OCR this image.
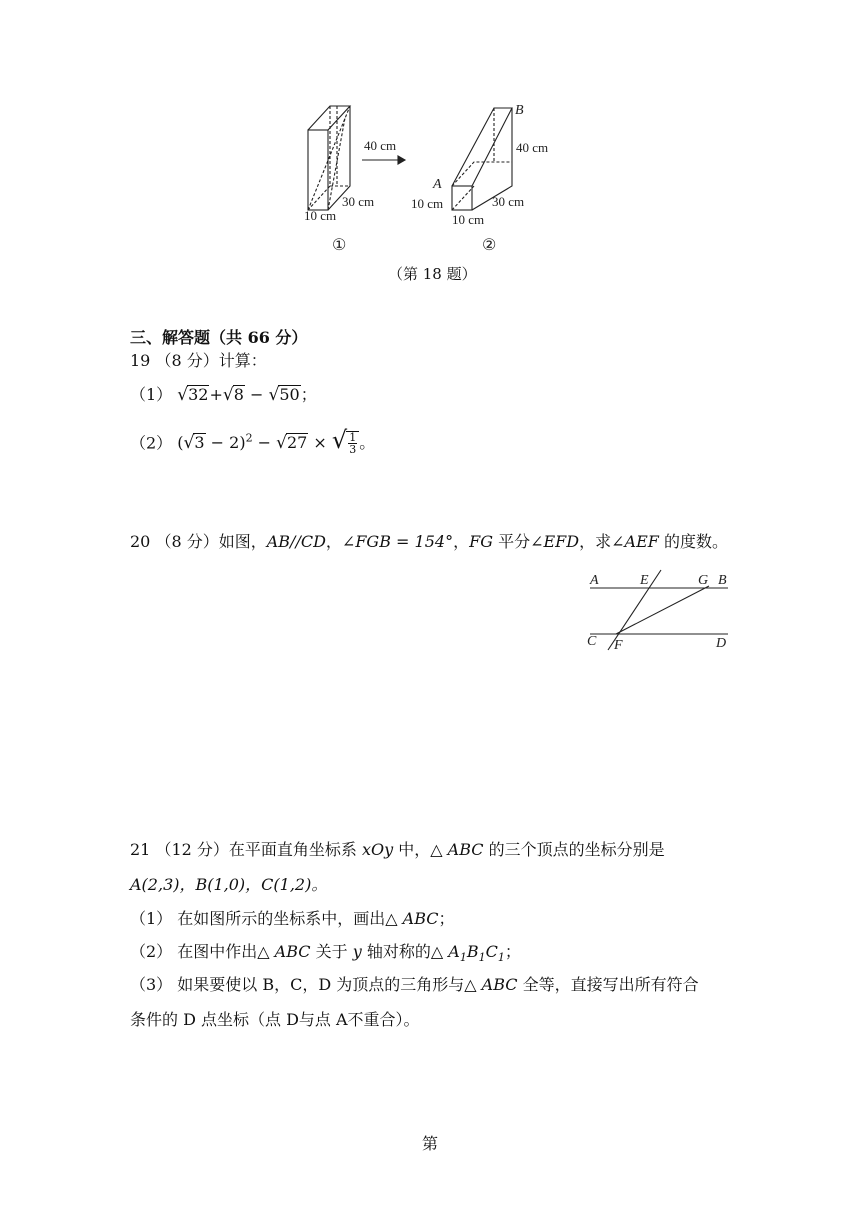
40 cm
30 cm
10 cm
B
A
40 cm
30 cm
10 cm
10 cm
①	②
（第 18 题）
三、解答题（共 66 分）
19 （8 分）计算：
（1） √32+√8 − √50；
（2） $(√3 - 2)^2 - √27$ × √ $\frac{1}{3}$ 。
20 （8 分）如图，AB//CD，∠FGB = 154°，FG 平分∠EFD，求∠AEF 的度数。
A	E	G B
C F	D
21 （12 分）在平面直角坐标系 xOy 中，△ ABC 的三个顶点的坐标分别是
A(2,3)，B(1,0)，C(1,2)。
（1） 在如图所示的坐标系中，画出△ ABC；
（2） 在图中作出△ ABC 关于 y 轴对称的△ $A_1B_1C_1$；
（3） 如果要使以 B，C，D 为顶点的三角形与△ ABC 全等，直接写出所有符合
条件的 D 点坐标（点 D与点 A不重合）。
第
